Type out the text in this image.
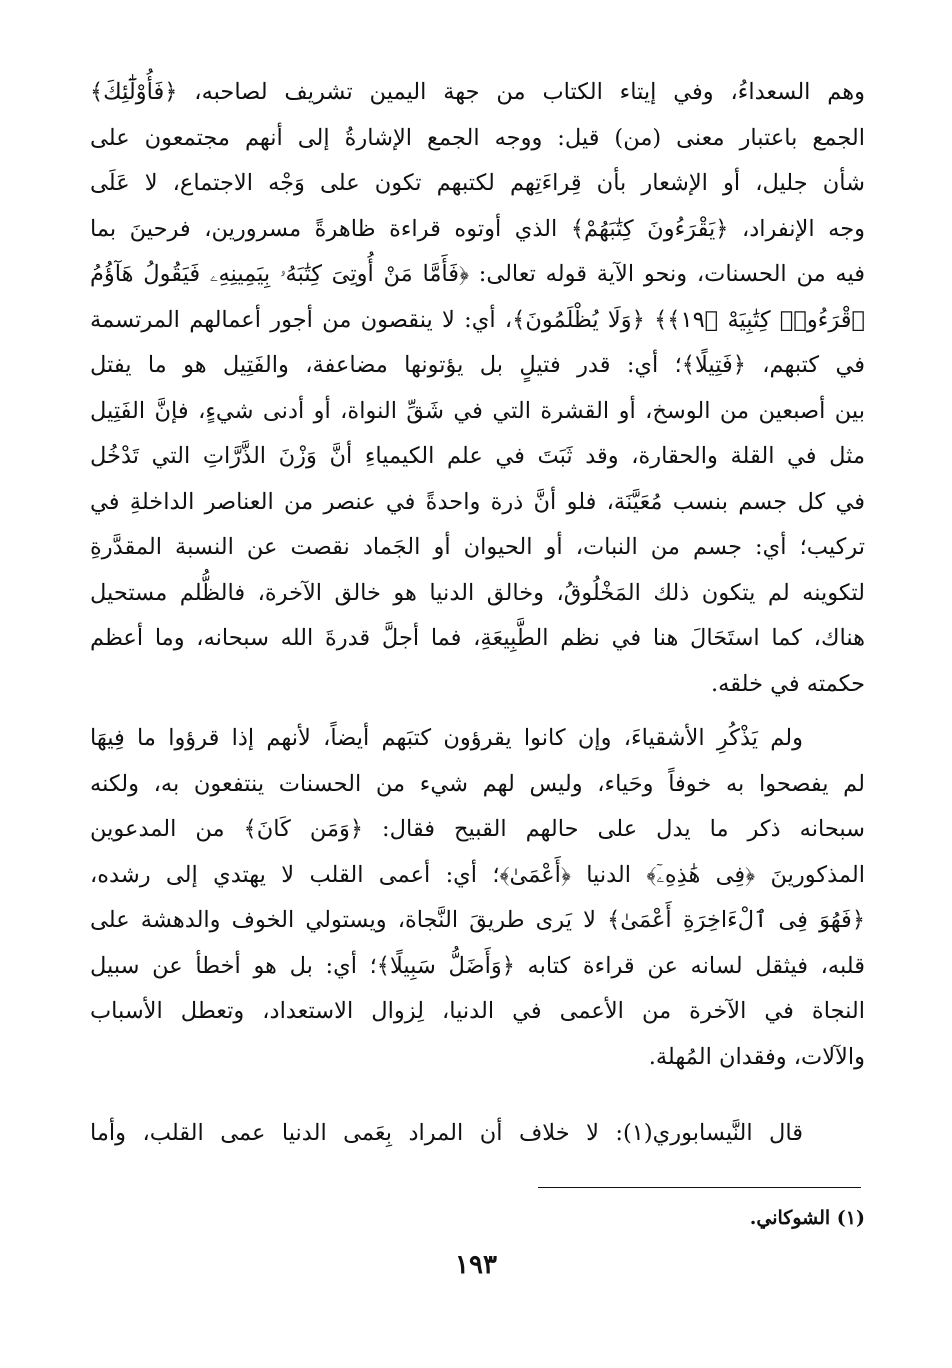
وهم السعداءُ، وفي إيتاء الكتاب من جهة اليمين تشريف لصاحبه، ﴿فَأُوْلَٰٓئِكَ﴾
الجمع باعتبار معنى (من) قيل: ووجه الجمع الإشارةُ إلى أنهم مجتمعون على
شأن جليل، أو الإشعار بأن قِراءَتِهم لكتبهم تكون على وَجْه الاجتماع، لا عَلَى
وجه الإنفراد، ﴿يَقْرَءُونَ كِتَٰبَهُمْ﴾ الذي أوتوه قراءة ظاهرةً مسرورين، فرحينَ بما
فيه من الحسنات، ونحو الآية قوله تعالى: ﴿فَأَمَّا مَنْ أُوتِىَ كِتَٰبَهُۥ بِيَمِينِهِۦ فَيَقُولُ هَآؤُمُ
ٱقْرَءُوا۟ كِتَٰبِيَهْ ﴿١٩﴾﴾ ﴿وَلَا يُظْلَمُونَ﴾، أي: لا ينقصون من أجور أعمالهم المرتسمة
في كتبهم، ﴿فَتِيلًا﴾؛ أي: قدر فتيلٍ بل يؤتونها مضاعفة، والفَتِيل هو ما يفتل
بين أصبعين من الوسخ، أو القشرة التي في شَقِّ النواة، أو أدنى شيءٍ، فإنَّ الفَتِيل
مثل في القلة والحقارة، وقد ثَبَتَ في علم الكيمياءِ أنَّ وَزْنَ الذَّرَّاتِ التي تَدْخُل
في كل جسم بنسب مُعَيَّنَة، فلو أنَّ ذرة واحدةً في عنصر من العناصر الداخلةِ في
تركيب؛ أي: جسم من النبات، أو الحيوان أو الجَماد نقصت عن النسبة المقدَّرةِ
لتكوينه لم يتكون ذلك المَخْلُوقُ، وخالق الدنيا هو خالق الآخرة، فالظُّلم مستحيل
هناك، كما استَحَالَ هنا في نظم الطَّبِيعَةِ، فما أجلَّ قدرةَ الله سبحانه، وما أعظم
حكمته في خلقه.
ولم يَذْكُرِ الأشقياءَ، وإن كانوا يقرؤون كتبَهم أيضاً، لأنهم إذا قرؤوا ما فِيهَا
لم يفصحوا به خوفاً وحَياء، وليس لهم شيء من الحسنات ينتفعون به، ولكنه
سبحانه ذكر ما يدل على حالهم القبيح فقال: ﴿وَمَن كَانَ﴾ من المدعوين
المذكورينَ ﴿فِى هَٰذِهِۦٓ﴾ الدنيا ﴿أَعْمَىٰ﴾؛ أي: أعمى القلب لا يهتدي إلى رشده،
﴿فَهُوَ فِى ٱلْءَاخِرَةِ أَعْمَىٰ﴾ لا يَرى طريقَ النَّجاة، ويستولي الخوف والدهشة على
قلبه، فيثقل لسانه عن قراءة كتابه ﴿وَأَضَلُّ سَبِيلًا﴾؛ أي: بل هو أخطأ عن سبيل
النجاة في الآخرة من الأعمى في الدنيا، لِزوال الاستعداد، وتعطل الأسباب
والآلات، وفقدان المُهلة.
قال النَّيسابوري(١): لا خلاف أن المراد بِعَمى الدنيا عمى القلب، وأما
(١) الشوكاني.
١٩٣
